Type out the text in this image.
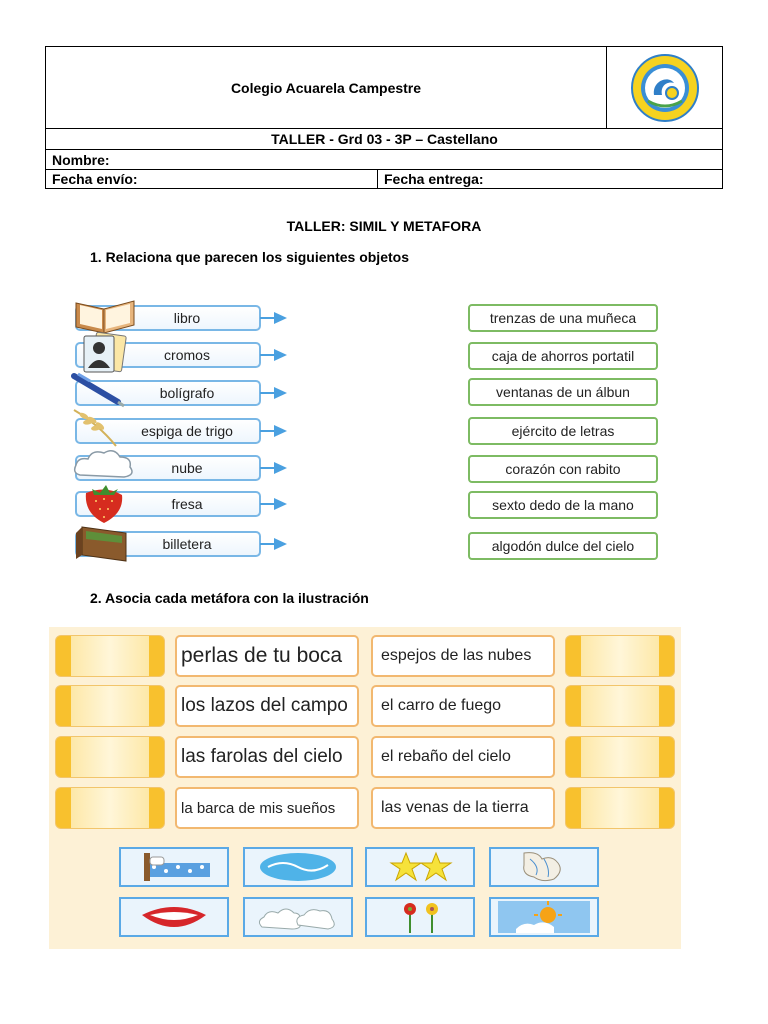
Colegio Acuarela Campestre
TALLER - Grd 03 - 3P – Castellano
Nombre:
Fecha envío:	Fecha entrega:
TALLER: SIMIL Y METAFORA
1. Relaciona que parecen los siguientes objetos
libro
cromos
bolígrafo
espiga de trigo
nube
fresa
billetera
trenzas de una muñeca
caja de ahorros portatil
ventanas de un álbun
ejército de letras
corazón con rabito
sexto dedo de la mano
algodón dulce del cielo
2. Asocia cada metáfora con la ilustración
perlas de tu boca	espejos de las nubes
los lazos del campo	el carro de fuego
las farolas del cielo	el rebaño del cielo
la barca de mis sueños	las venas de la tierra
